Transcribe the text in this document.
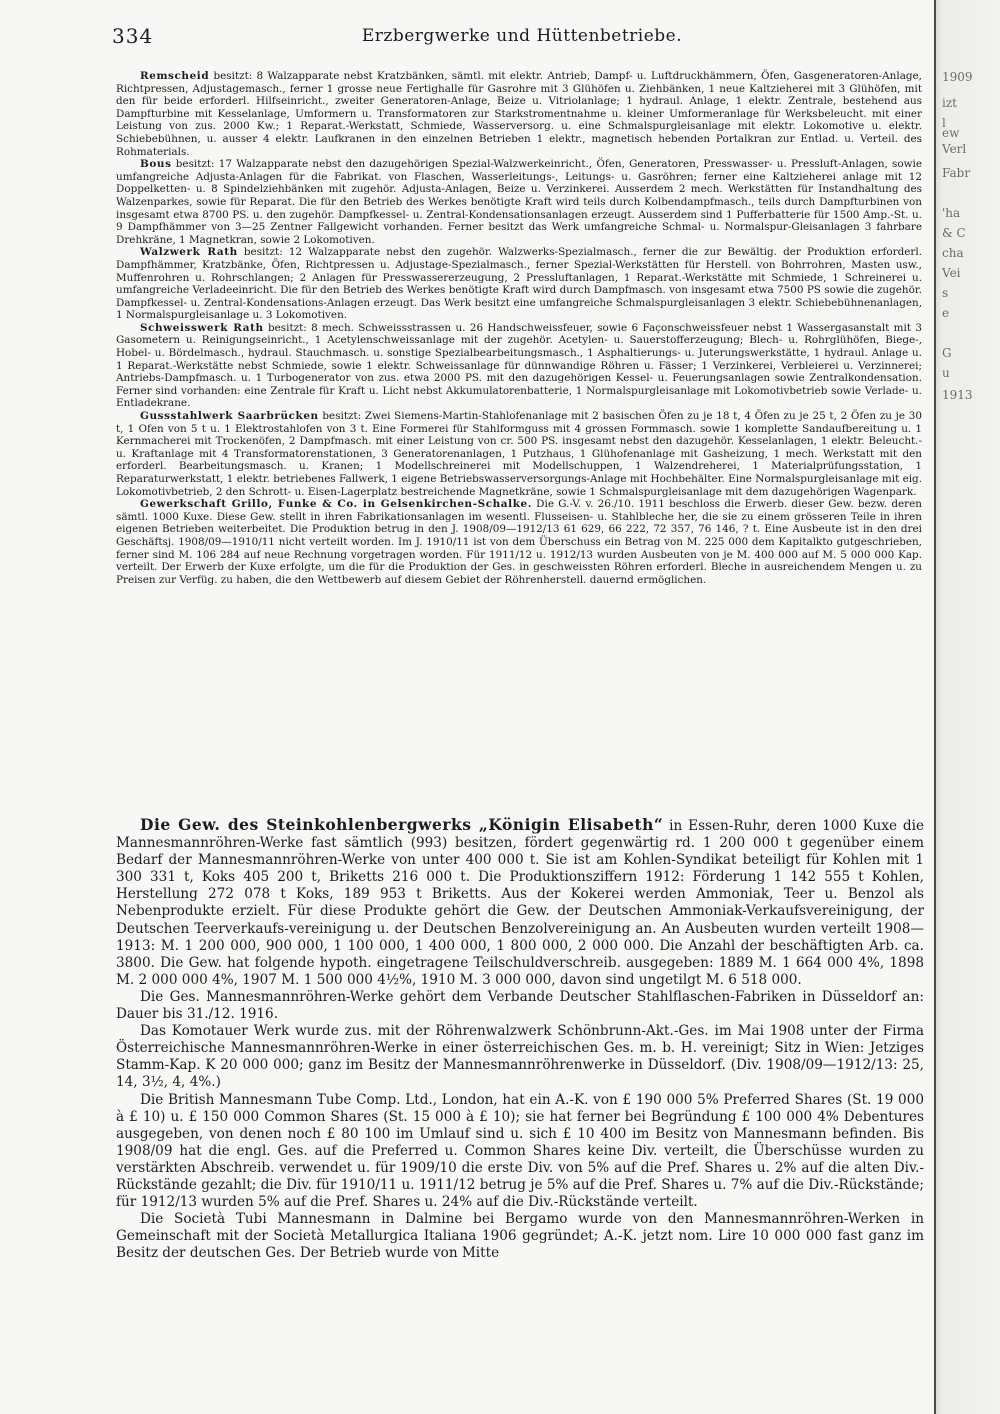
334	Erzbergwerke und Hüttenbetriebe.

Remscheid besitzt: 8 Walzapparate nebst Kratzbänken, sämtl. mit elektr. Antrieb, Dampf- u. Luftdruckhämmern, Öfen, Gasgeneratoren-Anlage, Richtpressen, Adjustagemasch., ferner 1 grosse neue Fertighalle für Gasrohre mit 3 Glühöfen u. Ziehbänken, 1 neue Kaltzieherei mit 3 Glühöfen, mit den für beide erforderl. Hilfseinricht., zweiter Generatoren-Anlage, Beize u. Vitriolanlage; 1 hydraul. Anlage, 1 elektr. Zentrale, bestehend aus Dampfturbine mit Kesselanlage, Umformern u. Transformatoren zur Starkstromentnahme u. kleiner Umformeranlage für Werksbeleucht. mit einer Leistung von zus. 2000 Kw.; 1 Reparat.-Werkstatt, Schmiede, Wasserversorg. u. eine Schmalspurgleisanlage mit elektr. Lokomotive u. elektr. Schiebebühnen, u. ausser 4 elektr. Laufkranen in den einzelnen Betrieben 1 elektr., magnetisch hebenden Portalkran zur Entlad. u. Verteil. des Rohmaterials.

Bous besitzt: 17 Walzapparate nebst den dazugehörigen Spezial-Walzwerkeinricht., Öfen, Generatoren, Presswasser- u. Pressluft-Anlagen, sowie umfangreiche Adjusta-Anlagen für die Fabrikat. von Flaschen, Wasserleitungs-, Leitungs- u. Gasröhren; ferner eine Kaltzieherei anlage mit 12 Doppelketten- u. 8 Spindelziehbänken mit zugehör. Adjusta-Anlagen, Beize u. Verzinkerei. Ausserdem 2 mech. Werkstätten für Instandhaltung des Walzenparkes, sowie für Reparat. Die für den Betrieb des Werkes benötigte Kraft wird teils durch Kolbendampfmasch., teils durch Dampfturbinen von insgesamt etwa 8700 PS. u. den zugehör. Dampfkessel- u. Zentral-Kondensationsanlagen erzeugt. Ausserdem sind 1 Pufferbatterie für 1500 Amp.-St. u. 9 Dampfhämmer von 3—25 Zentner Fallgewicht vorhanden. Ferner besitzt das Werk umfangreiche Schmal- u. Normalspur-Gleisanlagen 3 fahrbare Drehkräne, 1 Magnetkran, sowie 2 Lokomotiven.

Walzwerk Rath besitzt: 12 Walzapparate nebst den zugehör. Walzwerks-Spezialmasch., ferner die zur Bewältig. der Produktion erforderl. Dampfhämmer, Kratzbänke, Öfen, Richtpressen u. Adjustage-Spezialmasch., ferner Spezial-Werkstätten für Herstell. von Bohrrohren, Masten usw., Muffenrohren u. Rohrschlangen; 2 Anlagen für Presswassererzeugung, 2 Pressluftanlagen, 1 Reparat.-Werkstätte mit Schmiede, 1 Schreinerei u. umfangreiche Verladeeinricht. Die für den Betrieb des Werkes benötigte Kraft wird durch Dampfmasch. von insgesamt etwa 7500 PS sowie die zugehör. Dampfkessel- u. Zentral-Kondensations-Anlagen erzeugt. Das Werk besitzt eine umfangreiche Schmalspurgleisanlagen 3 elektr. Schiebebühnenanlagen, 1 Normalspurgleisanlage u. 3 Lokomotiven.

Schweisswerk Rath besitzt: 8 mech. Schweissstrassen u. 26 Handschweissfeuer, sowie 6 Façonschweissfeuer nebst 1 Wassergasanstalt mit 3 Gasometern u. Reinigungseinricht., 1 Acetylenschweissanlage mit der zugehör. Acetylen- u. Sauerstofferzeugung; Blech- u. Rohrglühöfen, Biege-, Hobel- u. Bördelmasch., hydraul. Stauchmasch. u. sonstige Spezialbearbeitungsmasch., 1 Asphaltierungs- u. Juterungswerkstätte, 1 hydraul. Anlage u. 1 Reparat.-Werkstätte nebst Schmiede, sowie 1 elektr. Schweissanlage für dünnwandige Röhren u. Fässer; 1 Verzinkerei, Verbleierei u. Verzinnerei; Antriebs-Dampfmasch. u. 1 Turbogenerator von zus. etwa 2000 PS. mit den dazugehörigen Kessel- u. Feuerungsanlagen sowie Zentralkondensation. Ferner sind vorhanden: eine Zentrale für Kraft u. Licht nebst Akkumulatorenbatterie, 1 Normalspurgleisanlage mit Lokomotivbetrieb sowie Verlade- u. Entladekrane.

Gussstahlwerk Saarbrücken besitzt: Zwei Siemens-Martin-Stahlofenanlage mit 2 basischen Öfen zu je 18 t, 4 Öfen zu je 25 t, 2 Öfen zu je 30 t, 1 Ofen von 5 t u. 1 Elektrostahlofen von 3 t. Eine Formerei für Stahlformguss mit 4 grossen Formmasch. sowie 1 komplette Sandaufbereitung u. 1 Kernmacherei mit Trockenöfen, 2 Dampfmasch. mit einer Leistung von cr. 500 PS. insgesamt nebst den dazugehör. Kesselanlagen, 1 elektr. Beleucht.- u. Kraftanlage mit 4 Transformatorenstationen, 3 Generatorenanlagen, 1 Putzhaus, 1 Glühofenanlage mit Gasheizung, 1 mech. Werkstatt mit den erforderl. Bearbeitungsmasch. u. Kranen; 1 Modellschreinerei mit Modellschuppen, 1 Walzendreherei, 1 Materialprüfungsstation, 1 Reparaturwerkstatt, 1 elektr. betriebenes Fallwerk, 1 eigene Betriebswasserversorgungs-Anlage mit Hochbehälter. Eine Normalspurgleisanlage mit eig. Lokomotivbetrieb, 2 den Schrott- u. Eisen-Lagerplatz bestreichende Magnetkräne, sowie 1 Schmalspurgleisanlage mit dem dazugehörigen Wagenpark.

Gewerkschaft Grillo, Funke & Co. in Gelsenkirchen-Schalke. Die G.-V. v. 26./10. 1911 beschloss die Erwerb. dieser Gew. bezw. deren sämtl. 1000 Kuxe. Diese Gew. stellt in ihren Fabrikationsanlagen im wesentl. Flusseisen- u. Stahlbleche her, die sie zu einem grösseren Teile in ihren eigenen Betrieben weiterbeitet. Die Produktion betrug in den J. 1908/09—1912/13 61 629, 66 222, 72 357, 76 146, ? t. Eine Ausbeute ist in den drei Geschäftsj. 1908/09—1910/11 nicht verteilt worden. Im J. 1910/11 ist von dem Überschuss ein Betrag von M. 225 000 dem Kapitalkto gutgeschrieben, ferner sind M. 106 284 auf neue Rechnung vorgetragen worden. Für 1911/12 u. 1912/13 wurden Ausbeuten von je M. 400 000 auf M. 5 000 000 Kap. verteilt. Der Erwerb der Kuxe erfolgte, um die für die Produktion der Ges. in geschweissten Röhren erforderl. Bleche in ausreichendem Mengen u. zu Preisen zur Verfüg. zu haben, die den Wettbewerb auf diesem Gebiet der Röhrenherstell. dauernd ermöglichen.

Die Gew. des Steinkohlenbergwerks „Königin Elisabeth“ in Essen-Ruhr, deren 1000 Kuxe die Mannesmannröhren-Werke fast sämtlich (993) besitzen, fördert gegenwärtig rd. 1 200 000 t gegenüber einem Bedarf der Mannesmannröhren-Werke von unter 400 000 t. Sie ist am Kohlen-Syndikat beteiligt für Kohlen mit 1 300 331 t, Koks 405 200 t, Briketts 216 000 t. Die Produktionsziffern 1912: Förderung 1 142 555 t Kohlen, Herstellung 272 078 t Koks, 189 953 t Briketts. Aus der Kokerei werden Ammoniak, Teer u. Benzol als Nebenprodukte erzielt. Für diese Produkte gehört die Gew. der Deutschen Ammoniak-Verkaufsvereinigung, der Deutschen Teerverkaufs-vereinigung u. der Deutschen Benzolvereinigung an. An Ausbeuten wurden verteilt 1908—1913: M. 1 200 000, 900 000, 1 100 000, 1 400 000, 1 800 000, 2 000 000. Die Anzahl der beschäftigten Arb. ca. 3800. Die Gew. hat folgende hypoth. eingetragene Teilschuldverschreib. ausgegeben: 1889 M. 1 664 000 4%, 1898 M. 2 000 000 4%, 1907 M. 1 500 000 4½%, 1910 M. 3 000 000, davon sind ungetilgt M. 6 518 000.

Die Ges. Mannesmannröhren-Werke gehört dem Verbande Deutscher Stahlflaschen-Fabriken in Düsseldorf an: Dauer bis 31./12. 1916.

Das Komotauer Werk wurde zus. mit der Röhrenwalzwerk Schönbrunn-Akt.-Ges. im Mai 1908 unter der Firma Österreichische Mannesmannröhren-Werke in einer österreichischen Ges. m. b. H. vereinigt; Sitz in Wien: Jetziges Stamm-Kap. K 20 000 000; ganz im Besitz der Mannesmannröhrenwerke in Düsseldorf. (Div. 1908/09—1912/13: 25, 14, 3½, 4, 4%.)

Die British Mannesmann Tube Comp. Ltd., London, hat ein A.-K. von £ 190 000 5% Preferred Shares (St. 19 000 à £ 10) u. £ 150 000 Common Shares (St. 15 000 à £ 10); sie hat ferner bei Begründung £ 100 000 4% Debentures ausgegeben, von denen noch £ 80 100 im Umlauf sind u. sich £ 10 400 im Besitz von Mannesmann befinden. Bis 1908/09 hat die engl. Ges. auf die Preferred u. Common Shares keine Div. verteilt, die Überschüsse wurden zu verstärkten Abschreib. verwendet u. für 1909/10 die erste Div. von 5% auf die Pref. Shares u. 2% auf die alten Div.-Rückstände gezahlt; die Div. für 1910/11 u. 1911/12 betrug je 5% auf die Pref. Shares u. 7% auf die Div.-Rückstände; für 1912/13 wurden 5% auf die Pref. Shares u. 24% auf die Div.-Rückstände verteilt.

Die Società Tubi Mannesmann in Dalmine bei Bergamo wurde von den Mannesmannröhren-Werken in Gemeinschaft mit der Società Metallurgica Italiana 1906 gegründet; A.-K. jetzt nom. Lire 10 000 000 fast ganz im Besitz der deutschen Ges. Der Betrieb wurde von Mitte

1909
izt
l
ew
Verl
Fabr
'ha
& C
cha
Vei
s
e
G
u
1913
